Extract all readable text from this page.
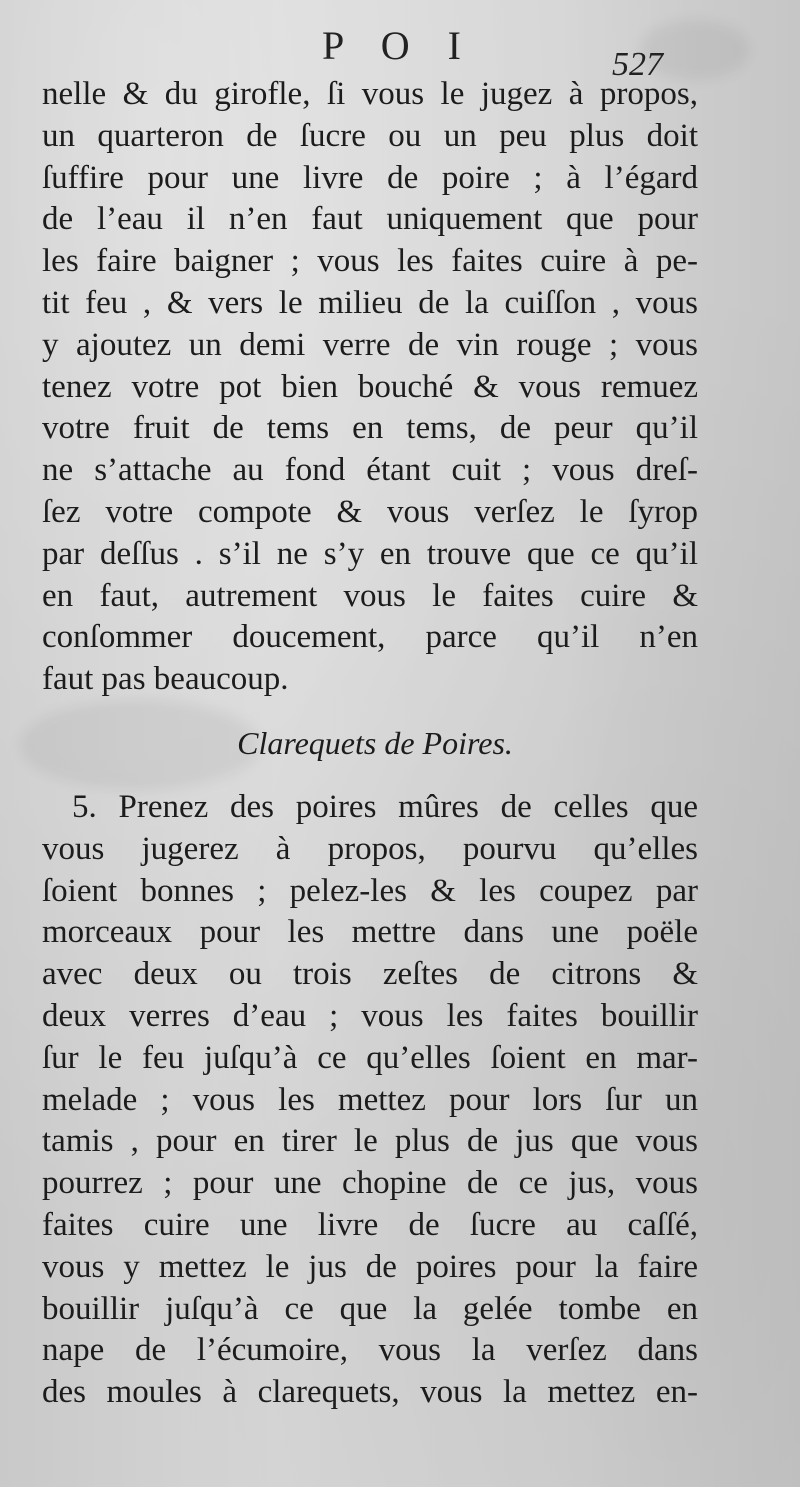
P O I	527
nelle & du girofle, ſi vous le jugez à propos,
un quarteron de ſucre ou un peu plus doit
ſuffire pour une livre de poire ; à l’égard
de l’eau il n’en faut uniquement que pour
les faire baigner ; vous les faites cuire à pe-
tit feu , & vers le milieu de la cuiſſon , vous
y ajoutez un demi verre de vin rouge ; vous
tenez votre pot bien bouché & vous remuez
votre fruit de tems en tems, de peur qu’il
ne s’attache au fond étant cuit ; vous dreſ-
ſez votre compote & vous verſez le ſyrop
par deſſus . s’il ne s’y en trouve que ce qu’il
en faut, autrement vous le faites cuire &
conſommer doucement, parce qu’il n’en
faut pas beaucoup.
Clarequets de Poires.
5. Prenez des poires mûres de celles que
vous jugerez à propos, pourvu qu’elles
ſoient bonnes ; pelez-les & les coupez par
morceaux pour les mettre dans une poële
avec deux ou trois zeſtes de citrons &
deux verres d’eau ; vous les faites bouillir
ſur le feu juſqu’à ce qu’elles ſoient en mar-
melade ; vous les mettez pour lors ſur un
tamis , pour en tirer le plus de jus que vous
pourrez ; pour une chopine de ce jus, vous
faites cuire une livre de ſucre au caſſé,
vous y mettez le jus de poires pour la faire
bouillir juſqu’à ce que la gelée tombe en
nape de l’écumoire, vous la verſez dans
des moules à clarequets, vous la mettez en-
